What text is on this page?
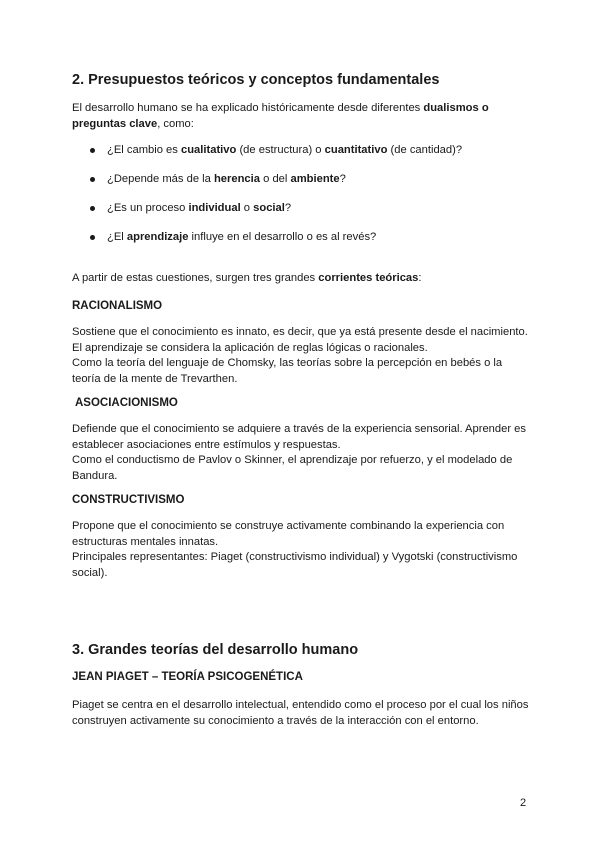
2. Presupuestos teóricos y conceptos fundamentales

El desarrollo humano se ha explicado históricamente desde diferentes dualismos o preguntas clave, como:

¿El cambio es cualitativo (de estructura) o cuantitativo (de cantidad)?
¿Depende más de la herencia o del ambiente?
¿Es un proceso individual o social?
¿El aprendizaje influye en el desarrollo o es al revés?

A partir de estas cuestiones, surgen tres grandes corrientes teóricas:

RACIONALISMO

Sostiene que el conocimiento es innato, es decir, que ya está presente desde el nacimiento.
El aprendizaje se considera la aplicación de reglas lógicas o racionales.
Como la teoría del lenguaje de Chomsky, las teorías sobre la percepción en bebés o la teoría de la mente de Trevarthen.

ASOCIACIONISMO

Defiende que el conocimiento se adquiere a través de la experiencia sensorial. Aprender es establecer asociaciones entre estímulos y respuestas.
Como el conductismo de Pavlov o Skinner, el aprendizaje por refuerzo, y el modelado de Bandura.

CONSTRUCTIVISMO

Propone que el conocimiento se construye activamente combinando la experiencia con estructuras mentales innatas.
Principales representantes: Piaget (constructivismo individual) y Vygotski (constructivismo social).

3. Grandes teorías del desarrollo humano
JEAN PIAGET – TEORÍA PSICOGENÉTICA

Piaget se centra en el desarrollo intelectual, entendido como el proceso por el cual los niños construyen activamente su conocimiento a través de la interacción con el entorno.

2
